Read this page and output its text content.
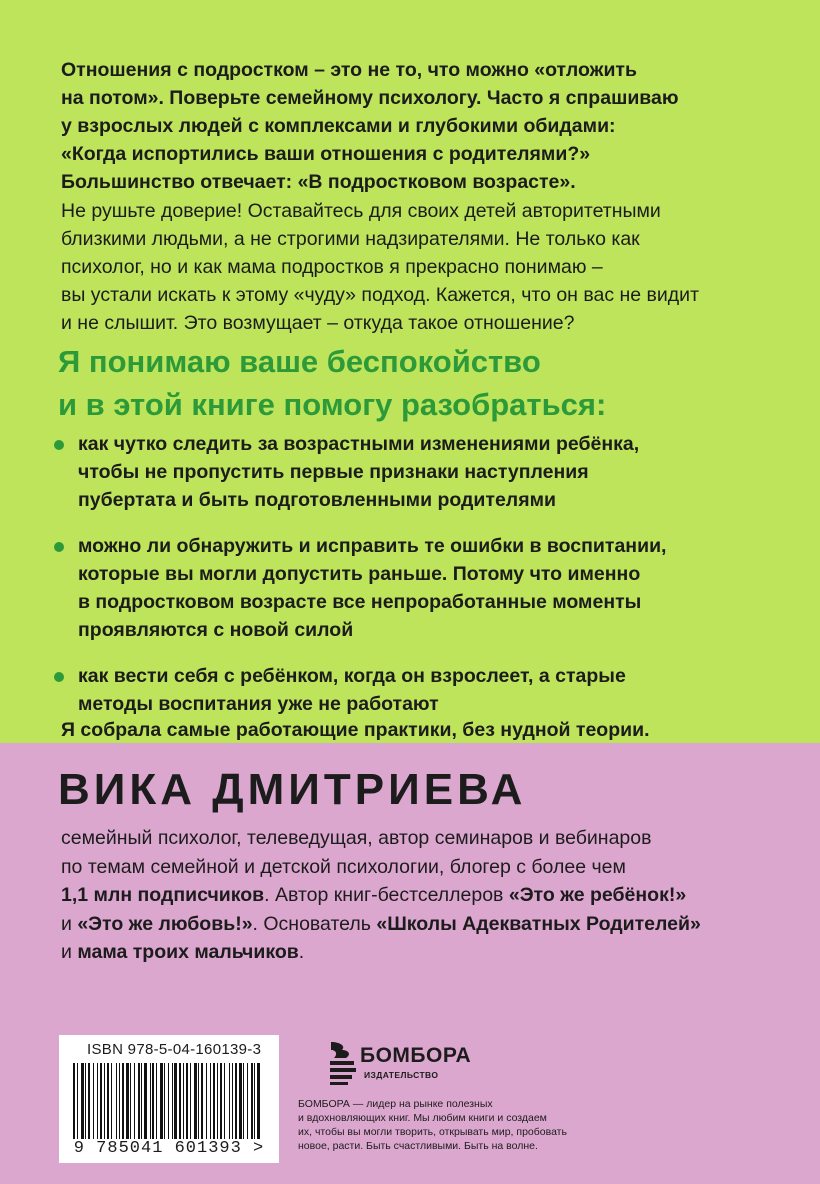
Отношения с подростком – это не то, что можно «отложить
на потом». Поверьте семейному психологу. Часто я спрашиваю
у взрослых людей с комплексами и глубокими обидами:
«Когда испортились ваши отношения с родителями?»
Большинство отвечает: «В подростковом возрасте».

Не рушьте доверие! Оставайтесь для своих детей авторитетными
близкими людьми, а не строгими надзирателями. Не только как
психолог, но и как мама подростков я прекрасно понимаю –
вы устали искать к этому «чуду» подход. Кажется, что он вас не видит
и не слышит. Это возмущает – откуда такое отношение?

Я понимаю ваше беспокойство
и в этой книге помогу разобраться:
как чутко следить за возрастными изменениями ребёнка,
чтобы не пропустить первые признаки наступления
пубертата и быть подготовленными родителями
можно ли обнаружить и исправить те ошибки в воспитании,
которые вы могли допустить раньше. Потому что именно
в подростковом возрасте все непроработанные моменты
проявляются с новой силой
как вести себя с ребёнком, когда он взрослеет, а старые
методы воспитания уже не работают

Я собрала самые работающие практики, без нудной теории.

ВИКА ДМИТРИЕВА

семейный психолог, телеведущая, автор семинаров и вебинаров
по темам семейной и детской психологии, блогер с более чем
1,1 млн подписчиков. Автор книг-бестселлеров «Это же ребёнок!»
и «Это же любовь!». Основатель «Школы Адекватных Родителей»
и мама троих мальчиков.

ISBN 978-5-04-160139-3
9 785041 601393 >
БОМБОРА
ИЗДАТЕЛЬСТВО

БОМБОРА — лидер на рынке полезных
и вдохновляющих книг. Мы любим книги и создаем
их, чтобы вы могли творить, открывать мир, пробовать
новое, расти. Быть счастливыми. Быть на волне.
